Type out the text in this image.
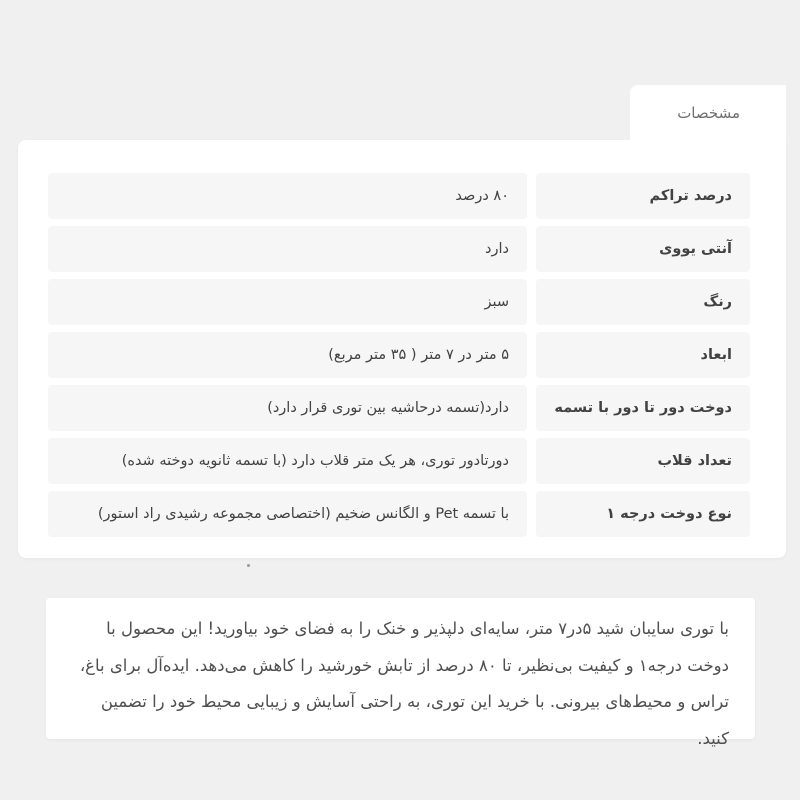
مشخصات
درصد تراکم
۸۰ درصد
آنتی یووی
دارد
رنگ
سبز
ابعاد
۵ متر در ۷ متر ( ۳۵ متر مربع)
دوخت دور تا دور با تسمه
دارد(تسمه درحاشیه بین توری قرار دارد)
تعداد قلاب
دورتادور توری، هر یک متر قلاب دارد (با تسمه ثانویه دوخته شده)
نوع دوخت درجه ۱
با تسمه Pet و الگانس ضخیم (اختصاصی مجموعه رشیدی راد استور)

با توری سایبان شید ۵در۷ متر، سایه‌ای دلپذیر و خنک را به فضای خود بیاورید! این محصول با دوخت درجه۱ و کیفیت بی‌نظیر، تا ۸۰ درصد از تابش خورشید را کاهش می‌دهد. ایده‌آل برای باغ، تراس و محیط‌های بیرونی. با خرید این توری، به راحتی آسایش و زیبایی محیط خود را تضمین کنید.
